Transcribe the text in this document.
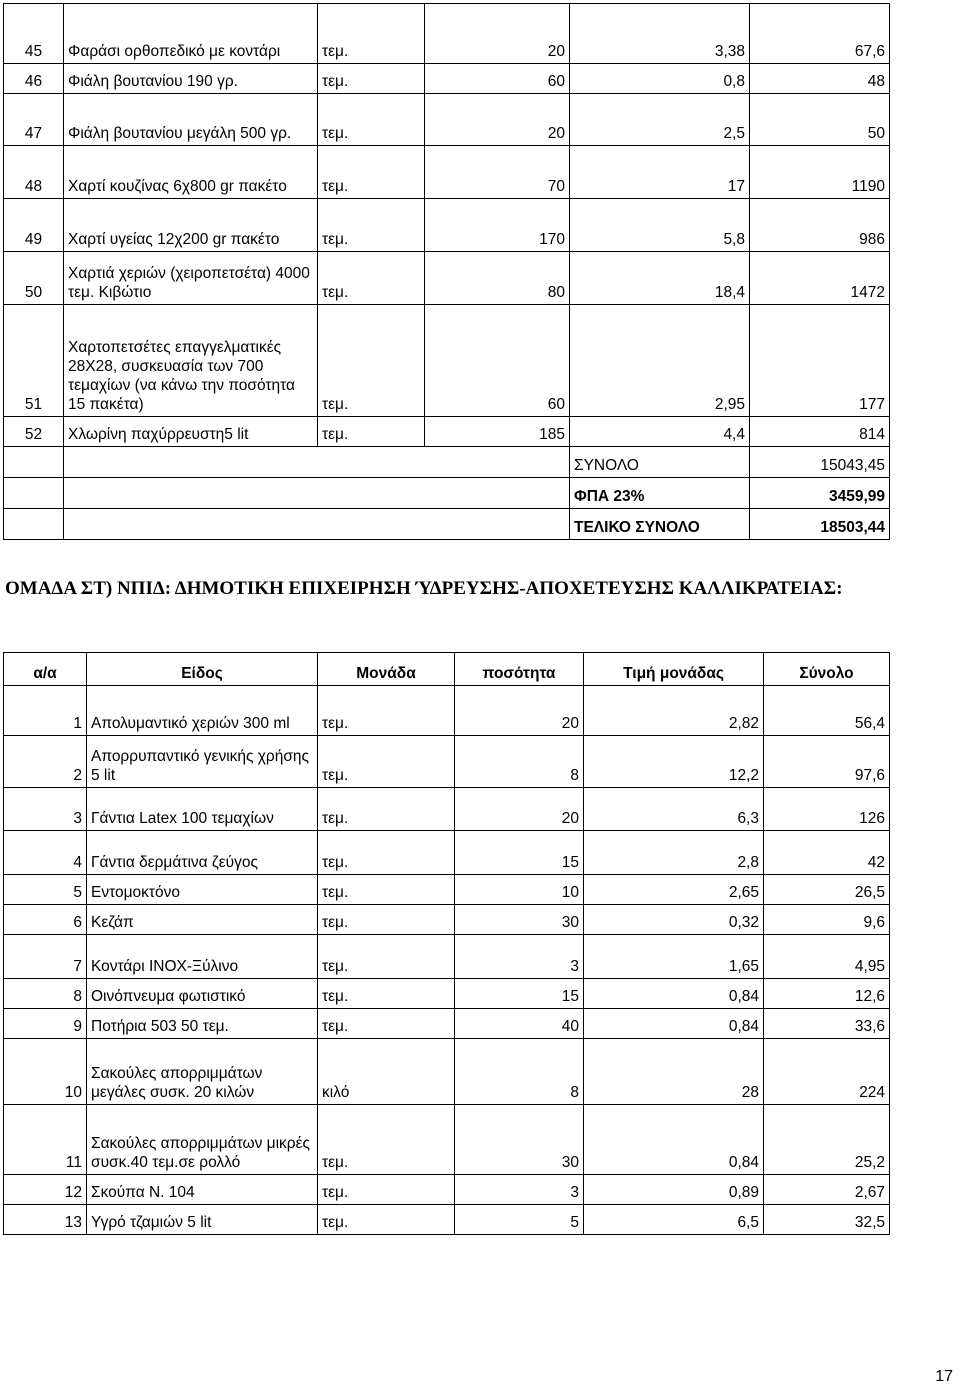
45	Φαράσι ορθοπεδικό με κοντάρι	τεμ.	20	3,38	67,6
46	Φιάλη βουτανίου 190 γρ.	τεμ.	60	0,8	48
47	Φιάλη βουτανίου μεγάλη 500 γρ.	τεμ.	20	2,5	50
48	Χαρτί κουζίνας 6χ800 gr πακέτο	τεμ.	70	17	1190
49	Χαρτί υγείας 12χ200 gr πακέτο	τεμ.	170	5,8	986
50	Χαρτιά χεριών (χειροπετσέτα) 4000 τεμ. Κιβώτιο	τεμ.	80	18,4	1472
51	Χαρτοπετσέτες επαγγελματικές 28Χ28, συσκευασία των 700 τεμαχίων (να κάνω την ποσότητα 15 πακέτα)	τεμ.	60	2,95	177
52	Χλωρίνη παχύρρευστη5 lit	τεμ.	185	4,4	814
				ΣΥΝΟΛΟ	15043,45
				ΦΠΑ 23%	3459,99
				ΤΕΛΙΚΟ ΣΥΝΟΛΟ	18503,44
ΟΜΑΔΑ ΣΤ) ΝΠΙΔ: ΔΗΜΟΤΙΚΗ ΕΠΙΧΕΙΡΗΣΗ ΎΔΡΕΥΣΗΣ-ΑΠΟΧΕΤΕΥΣΗΣ ΚΑΛΛΙΚΡΑΤΕΙΑΣ:
α/α	Είδος	Μονάδα	ποσότητα	Τιμή μονάδας	Σύνολο
1	Απολυμαντικό χεριών 300 ml	τεμ.	20	2,82	56,4
2	Απορρυπαντικό γενικής χρήσης 5 lit	τεμ.	8	12,2	97,6
3	Γάντια Latex 100 τεμαχίων	τεμ.	20	6,3	126
4	Γάντια δερμάτινα ζεύγος	τεμ.	15	2,8	42
5	Εντομοκτόνο	τεμ.	10	2,65	26,5
6	Κεζάπ	τεμ.	30	0,32	9,6
7	Κοντάρι ΙΝΟΧ-Ξύλινο	τεμ.	3	1,65	4,95
8	Οινόπνευμα φωτιστικό	τεμ.	15	0,84	12,6
9	Ποτήρια 503 50 τεμ.	τεμ.	40	0,84	33,6
10	Σακούλες απορριμμάτων μεγάλες συσκ. 20 κιλών	κιλό	8	28	224
11	Σακούλες απορριμμάτων μικρές συσκ.40 τεμ.σε ρολλό	τεμ.	30	0,84	25,2
12	Σκούπα Ν. 104	τεμ.	3	0,89	2,67
13	Υγρό τζαμιών 5 lit	τεμ.	5	6,5	32,5
17
